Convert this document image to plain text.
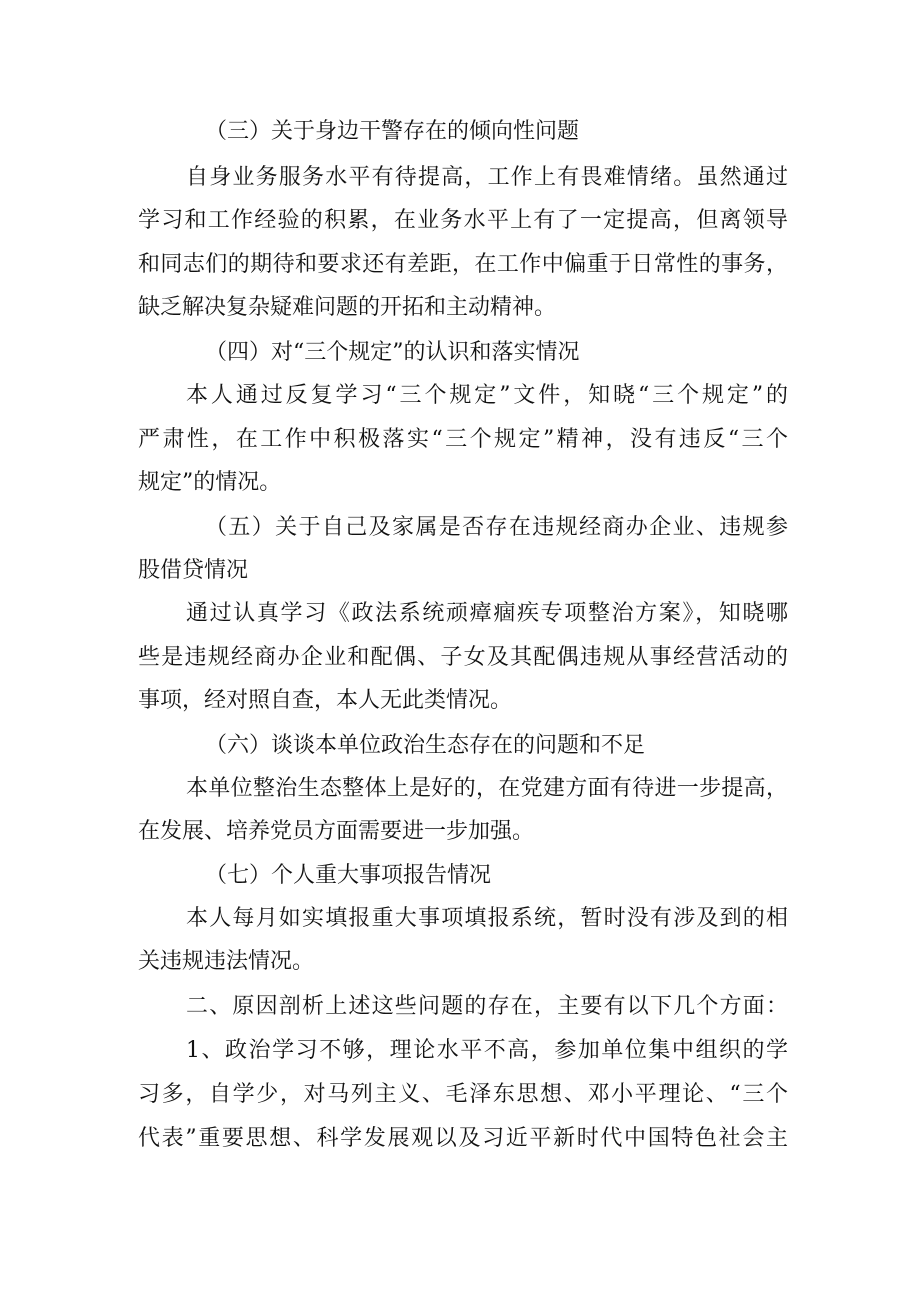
（三）关于身边干警存在的倾向性问题

自身业务服务水平有待提高，工作上有畏难情绪。虽然通过

学习和工作经验的积累，在业务水平上有了一定提高，但离领导

和同志们的期待和要求还有差距，在工作中偏重于日常性的事务，

缺乏解决复杂疑难问题的开拓和主动精神。

（四）对“三个规定”的认识和落实情况

本人通过反复学习“三个规定”文件，知晓“三个规定”的

严肃性，在工作中积极落实“三个规定”精神，没有违反“三个

规定”的情况。

（五）关于自己及家属是否存在违规经商办企业、违规参

股借贷情况

通过认真学习《政法系统顽瘴痼疾专项整治方案》，知晓哪

些是违规经商办企业和配偶、子女及其配偶违规从事经营活动的

事项，经对照自查，本人无此类情况。

（六）谈谈本单位政治生态存在的问题和不足

本单位整治生态整体上是好的，在党建方面有待进一步提高，

在发展、培养党员方面需要进一步加强。

（七）个人重大事项报告情况

本人每月如实填报重大事项填报系统，暂时没有涉及到的相

关违规违法情况。

二、原因剖析上述这些问题的存在，主要有以下几个方面：

1、政治学习不够，理论水平不高，参加单位集中组织的学

习多，自学少，对马列主义、毛泽东思想、邓小平理论、“三个

代表”重要思想、科学发展观以及习近平新时代中国特色社会主
